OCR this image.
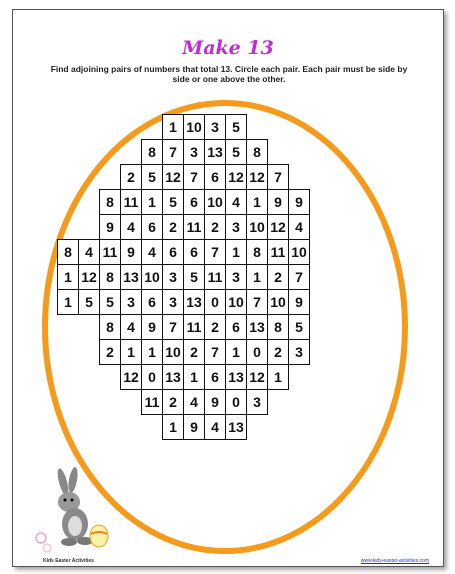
Make 13
Find adjoining pairs of numbers that total 13. Circle each pair. Each pair must be side by side or one above the other.
1 10 3 5
8 7 3 13 5 8
2 5 12 7 6 12 12 7
8 11 1 5 6 10 4 1 9 9
9 4 6 2 11 2 3 10 12 4
8 4 11 9 4 6 6 7 1 8 11 10
1 12 8 13 10 3 5 11 3 1 2 7
1 5 5 3 6 3 13 0 10 7 10 9
8 4 9 7 11 2 6 13 8 5
2 1 1 10 2 7 1 0 2 3
12 0 13 1 6 13 12 1
11 2 4 9 0 3
1 9 4 13
Kids Easter Activities	www.kids-easter-activities.com
